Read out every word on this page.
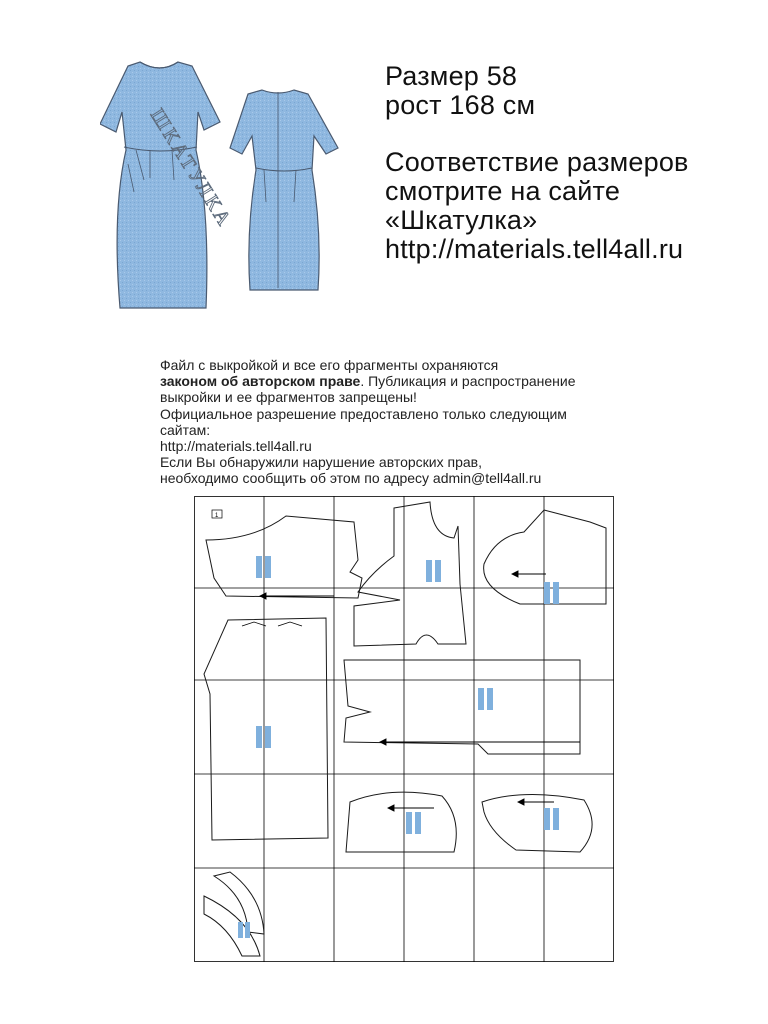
ШКАТУЛКА
Размер 58
рост 168 см
Соответствие размеров
смотрите на сайте
«Шкатулка»
http://materials.tell4all.ru
Файл с выкройкой и все его фрагменты охраняются
законом об авторском праве. Публикация и распространение
выкройки и ее фрагментов запрещены!
Официальное разрешение предоставлено только следующим
сайтам:
http://materials.tell4all.ru
Если Вы обнаружили нарушение авторских прав,
необходимо сообщить об этом по адресу admin@tell4all.ru
1
